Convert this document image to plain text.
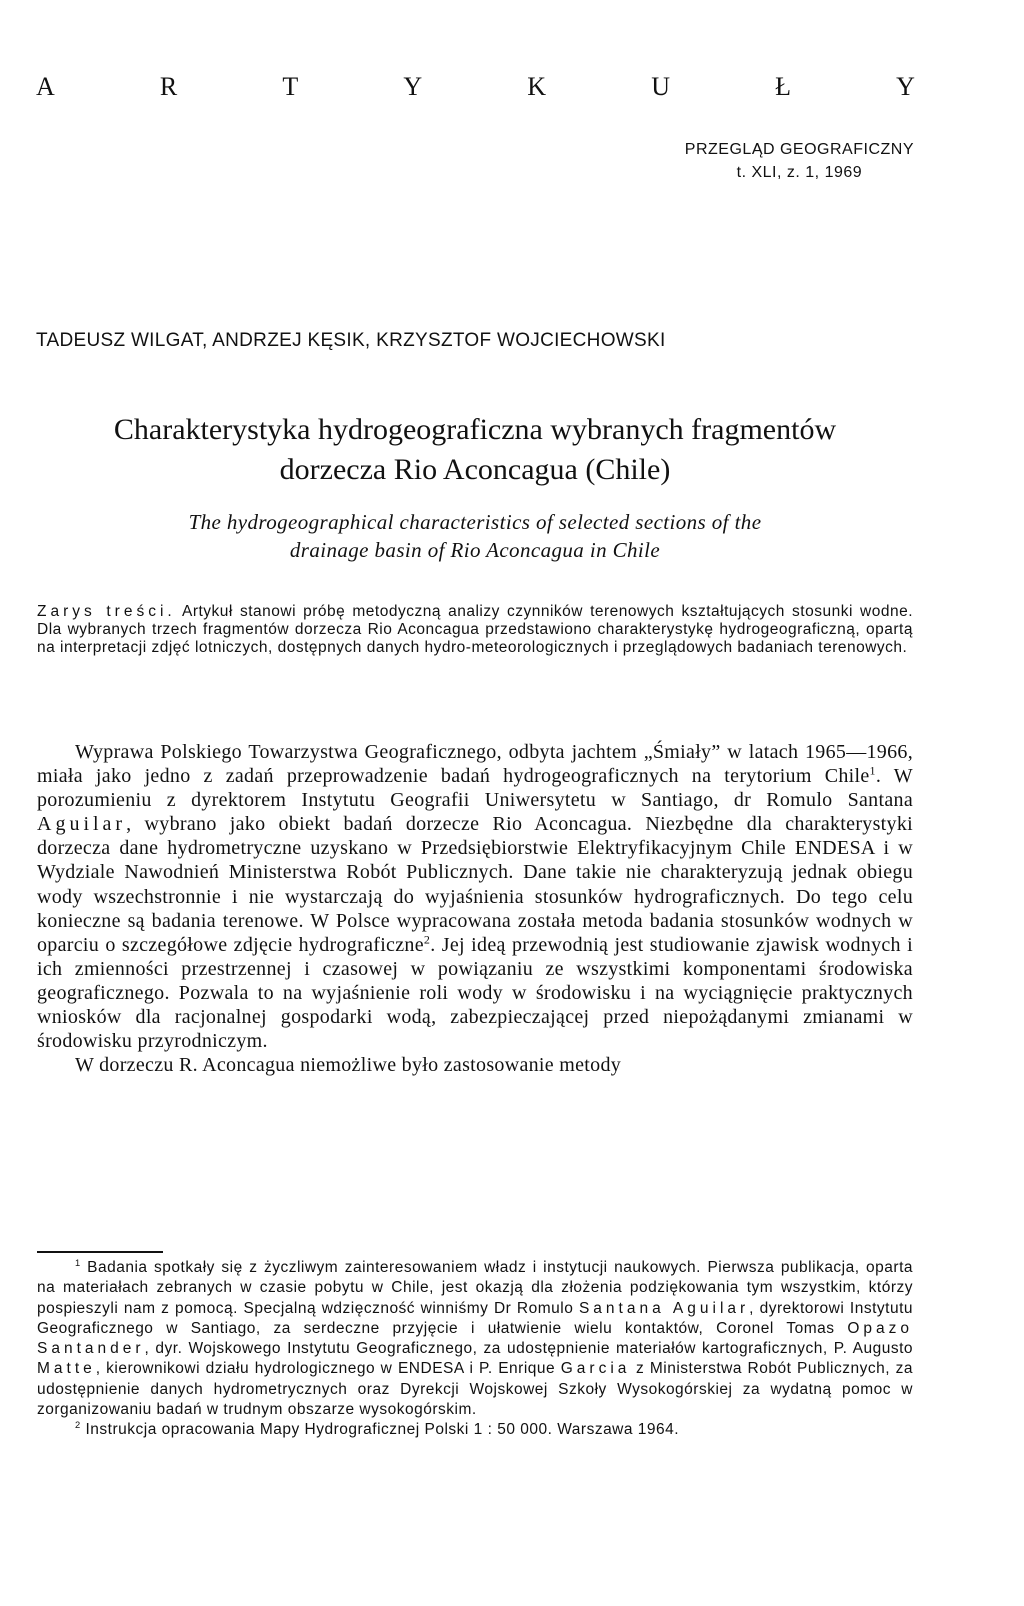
A	R	T	Y	K	U	Ł	Y
PRZEGLĄD GEOGRAFICZNY
t. XLI, z. 1, 1969
TADEUSZ WILGAT, ANDRZEJ KĘSIK, KRZYSZTOF WOJCIECHOWSKI
Charakterystyka hydrogeograficzna wybranych fragmentów
dorzecza Rio Aconcagua (Chile)
The hydrogeographical characteristics of selected sections of the
drainage basin of Rio Aconcagua in Chile
Zarys treści. Artykuł stanowi próbę metodyczną analizy czynników terenowych kształtujących stosunki wodne. Dla wybranych trzech fragmentów dorzecza Rio Aconcagua przedstawiono charakterystykę hydrogeograficzną, opartą na interpretacji zdjęć lotniczych, dostępnych danych hydro-meteorologicznych i przeglądowych badaniach terenowych.

Wyprawa Polskiego Towarzystwa Geograficznego, odbyta jachtem „Śmiały” w latach 1965—1966, miała jako jedno z zadań przeprowadzenie badań hydrogeograficznych na terytorium Chile$^1$. W porozumieniu z dyrektorem Instytutu Geografii Uniwersytetu w Santiago, dr Romulo Santana Aguilar, wybrano jako obiekt badań dorzecze Rio Aconcagua. Niezbędne dla charakterystyki dorzecza dane hydrometryczne uzyskano w Przedsiębiorstwie Elektryfikacyjnym Chile ENDESA i w Wydziale Nawodnień Ministerstwa Robót Publicznych. Dane takie nie charakteryzują jednak obiegu wody wszechstronnie i nie wystarczają do wyjaśnienia stosunków hydrograficznych. Do tego celu konieczne są badania terenowe. W Polsce wypracowana została metoda badania stosunków wodnych w oparciu o szczegółowe zdjęcie hydrograficzne$^2$. Jej ideą przewodnią jest studiowanie zjawisk wodnych i ich zmienności przestrzennej i czasowej w powiązaniu ze wszystkimi komponentami środowiska geograficznego. Pozwala to na wyjaśnienie roli wody w środowisku i na wyciągnięcie praktycznych wniosków dla racjonalnej gospodarki wodą, zabezpieczającej przed niepożądanymi zmianami w środowisku przyrodniczym.

W dorzeczu R. Aconcagua niemożliwe było zastosowanie metody

$^1$ Badania spotkały się z życzliwym zainteresowaniem władz i instytucji naukowych. Pierwsza publikacja, oparta na materiałach zebranych w czasie pobytu w Chile, jest okazją dla złożenia podziękowania tym wszystkim, którzy pospieszyli nam z pomocą. Specjalną wdzięczność winniśmy Dr Romulo Santana Aguilar, dyrektorowi Instytutu Geograficznego w Santiago, za serdeczne przyjęcie i ułatwienie wielu kontaktów, Coronel Tomas Opazo Santander, dyr. Wojskowego Instytutu Geograficznego, za udostępnienie materiałów kartograficznych, P. Augusto Matte, kierownikowi działu hydrologicznego w ENDESA i P. Enrique Garcia z Ministerstwa Robót Publicznych, za udostępnienie danych hydrometrycznych oraz Dyrekcji Wojskowej Szkoły Wysokogórskiej za wydatną pomoc w zorganizowaniu badań w trudnym obszarze wysokogórskim.

$^2$ Instrukcja opracowania Mapy Hydrograficznej Polski 1 : 50 000. Warszawa 1964.
